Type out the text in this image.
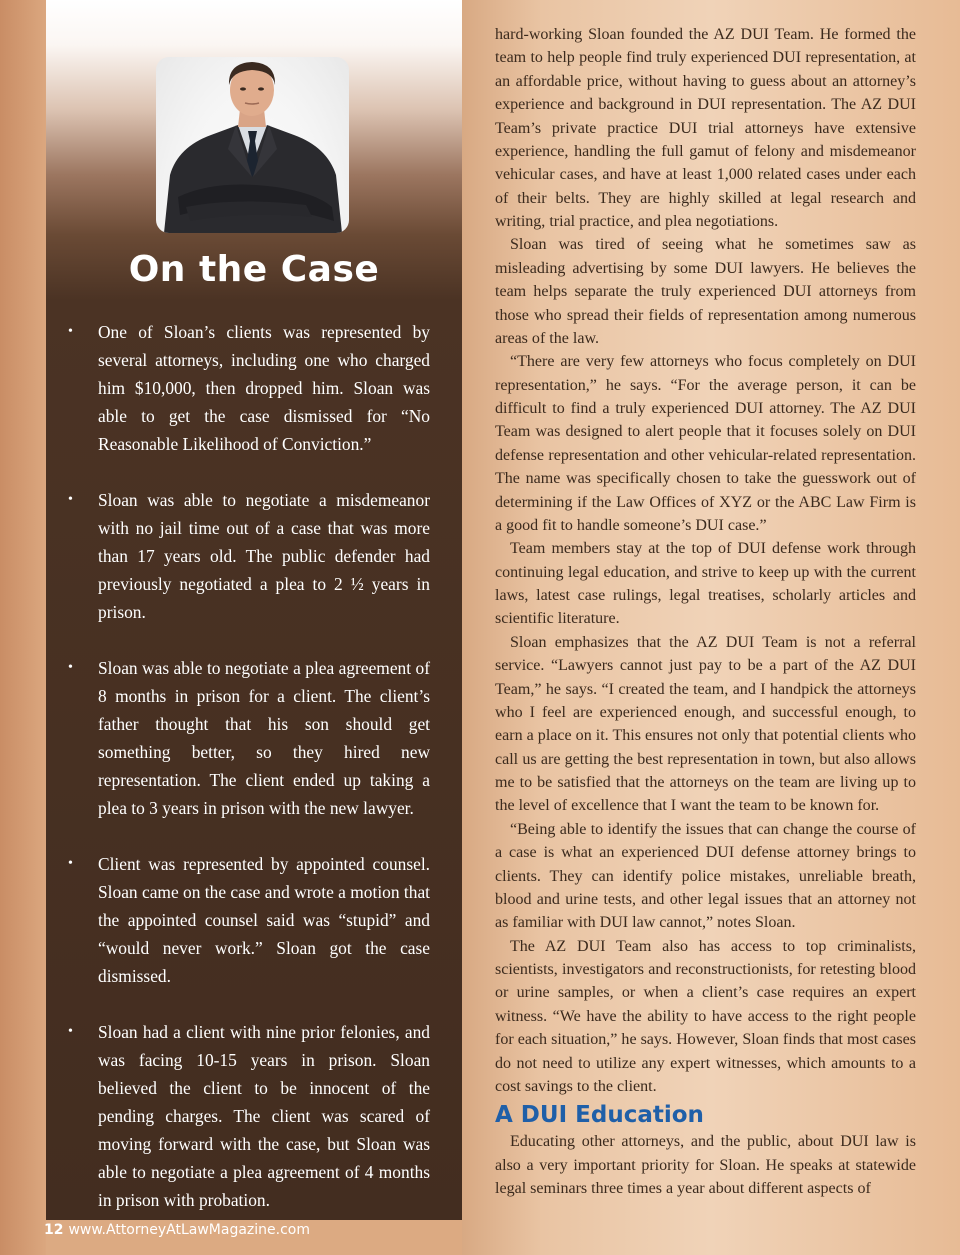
On the Case
• One of Sloan’s clients was represented by several attorneys, including one who charged him $10,000, then dropped him. Sloan was able to get the case dismissed for “No Reasonable Likelihood of Conviction.”
• Sloan was able to negotiate a misdemeanor with no jail time out of a case that was more than 17 years old. The public defender had previously negotiated a plea to 2 ½ years in prison.
• Sloan was able to negotiate a plea agreement of 8 months in prison for a client. The client’s father thought that his son should get something better, so they hired new representation. The client ended up taking a plea to 3 years in prison with the new lawyer.
• Client was represented by appointed counsel. Sloan came on the case and wrote a motion that the appointed counsel said was “stupid” and “would never work.” Sloan got the case dismissed.
• Sloan had a client with nine prior felonies, and was facing 10-15 years in prison. Sloan believed the client to be innocent of the pending charges. The client was scared of moving forward with the case, but Sloan was able to negotiate a plea agreement of 4 months in prison with probation.
12 www.AttorneyAtLawMagazine.com

hard-working Sloan founded the AZ DUI Team. He formed the team to help people find truly experienced DUI representation, at an affordable price, without having to guess about an attorney’s experience and background in DUI representation. The AZ DUI Team’s private practice DUI trial attorneys have extensive experience, handling the full gamut of felony and misdemeanor vehicular cases, and have at least 1,000 related cases under each of their belts. They are highly skilled at legal research and writing, trial practice, and plea negotiations.

Sloan was tired of seeing what he sometimes saw as misleading advertising by some DUI lawyers. He believes the team helps separate the truly experienced DUI attorneys from those who spread their fields of representation among numerous areas of the law.

“There are very few attorneys who focus completely on DUI representation,” he says. “For the average person, it can be difficult to find a truly experienced DUI attorney. The AZ DUI Team was designed to alert people that it focuses solely on DUI defense representation and other vehicular-related representation. The name was specifically chosen to take the guesswork out of determining if the Law Offices of XYZ or the ABC Law Firm is a good fit to handle someone’s DUI case.”

Team members stay at the top of DUI defense work through continuing legal education, and strive to keep up with the current laws, latest case rulings, legal treatises, scholarly articles and scientific literature.

Sloan emphasizes that the AZ DUI Team is not a referral service. “Lawyers cannot just pay to be a part of the AZ DUI Team,” he says. “I created the team, and I handpick the attorneys who I feel are experienced enough, and successful enough, to earn a place on it. This ensures not only that potential clients who call us are getting the best representation in town, but also allows me to be satisfied that the attorneys on the team are living up to the level of excellence that I want the team to be known for.

“Being able to identify the issues that can change the course of a case is what an experienced DUI defense attorney brings to clients. They can identify police mistakes, unreliable breath, blood and urine tests, and other legal issues that an attorney not as familiar with DUI law cannot,” notes Sloan.

The AZ DUI Team also has access to top criminalists, scientists, investigators and reconstructionists, for retesting blood or urine samples, or when a client’s case requires an expert witness. “We have the ability to have access to the right people for each situation,” he says. However, Sloan finds that most cases do not need to utilize any expert witnesses, which amounts to a cost savings to the client.

A DUI Education

Educating other attorneys, and the public, about DUI law is also a very important priority for Sloan. He speaks at statewide legal seminars three times a year about different aspects of
